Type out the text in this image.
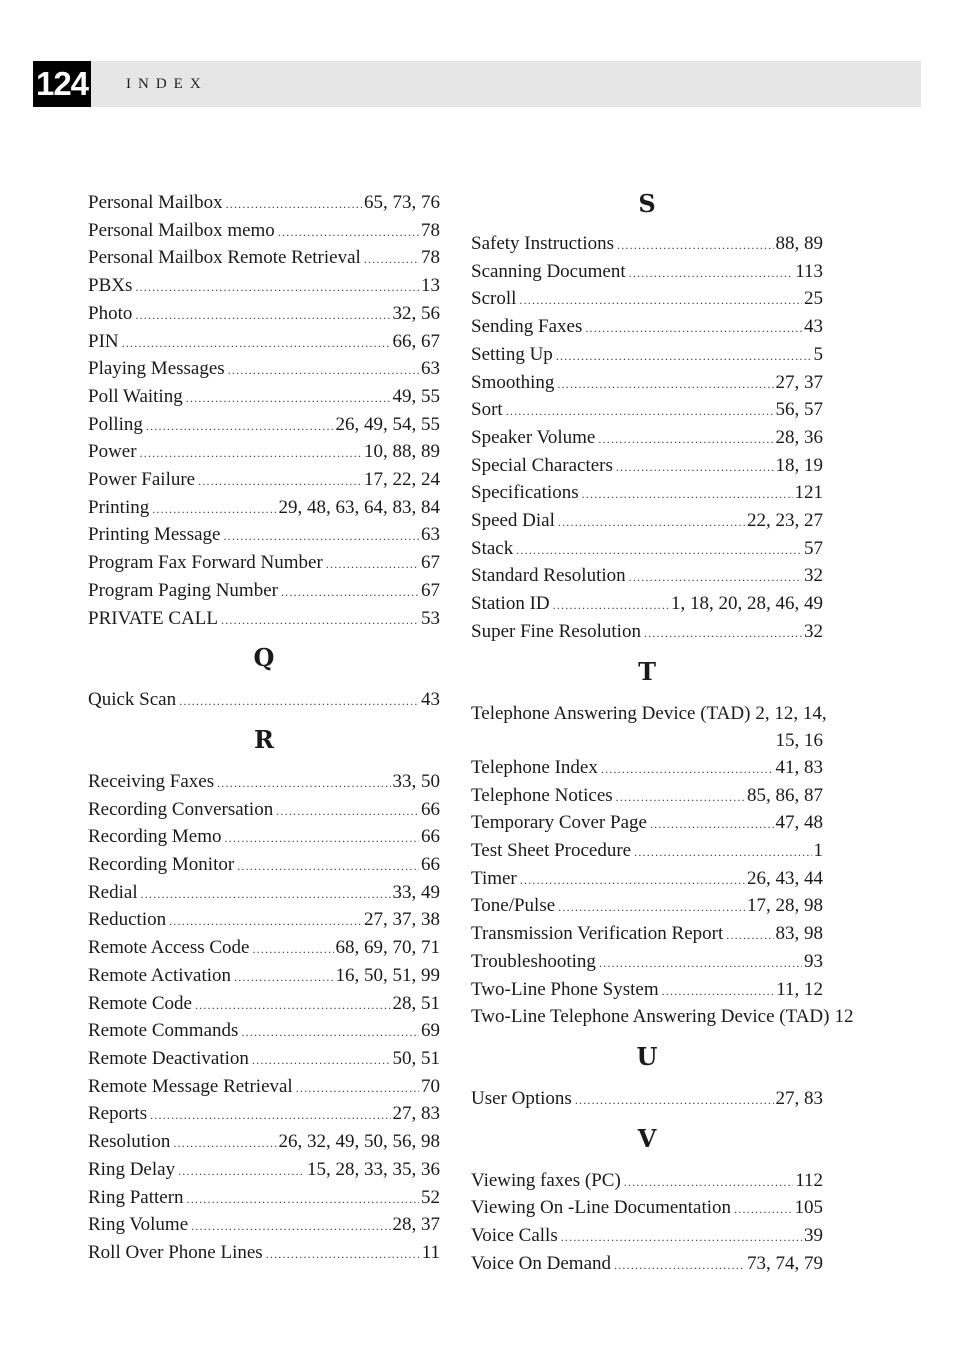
124	INDEX
Personal Mailbox .....	65, 73, 76
Personal Mailbox memo .....	78
Personal Mailbox Remote Retrieval .....	78
PBXs .....	13
Photo .....	32, 56
PIN .....	66, 67
Playing Messages .....	63
Poll Waiting .....	49, 55
Polling .....	26, 49, 54, 55
Power .....	10, 88, 89
Power Failure .....	17, 22, 24
Printing .....	29, 48, 63, 64, 83, 84
Printing Message .....	63
Program Fax Forward Number .....	67
Program Paging Number .....	67
PRIVATE CALL .....	53
Q
Quick Scan .....	43
R
Receiving Faxes .....	33, 50
Recording Conversation .....	66
Recording Memo .....	66
Recording Monitor .....	66
Redial .....	33, 49
Reduction .....	27, 37, 38
Remote Access Code .....	68, 69, 70, 71
Remote Activation .....	16, 50, 51, 99
Remote Code .....	28, 51
Remote Commands .....	69
Remote Deactivation .....	50, 51
Remote Message Retrieval .....	70
Reports .....	27, 83
Resolution .....	26, 32, 49, 50, 56, 98
Ring Delay .....	15, 28, 33, 35, 36
Ring Pattern .....	52
Ring Volume .....	28, 37
Roll Over Phone Lines .....	11
S
Safety Instructions .....	88, 89
Scanning Document .....	113
Scroll .....	25
Sending Faxes .....	43
Setting Up .....	5
Smoothing .....	27, 37
Sort .....	56, 57
Speaker Volume .....	28, 36
Special Characters .....	18, 19
Specifications .....	121
Speed Dial .....	22, 23, 27
Stack .....	57
Standard Resolution .....	32
Station ID .....	1, 18, 20, 28, 46, 49
Super Fine Resolution .....	32
T
Telephone Answering Device (TAD) 2, 12, 14,
15, 16
Telephone Index .....	41, 83
Telephone Notices .....	85, 86, 87
Temporary Cover Page .....	47, 48
Test Sheet Procedure .....	1
Timer .....	26, 43, 44
Tone/Pulse .....	17, 28, 98
Transmission Verification Report .....	83, 98
Troubleshooting .....	93
Two-Line Phone System .....	11, 12
Two-Line Telephone Answering Device (TAD) 12
U
User Options .....	27, 83
V
Viewing faxes (PC) .....	112
Viewing On -Line Documentation .....	105
Voice Calls .....	39
Voice On Demand .....	73, 74, 79
